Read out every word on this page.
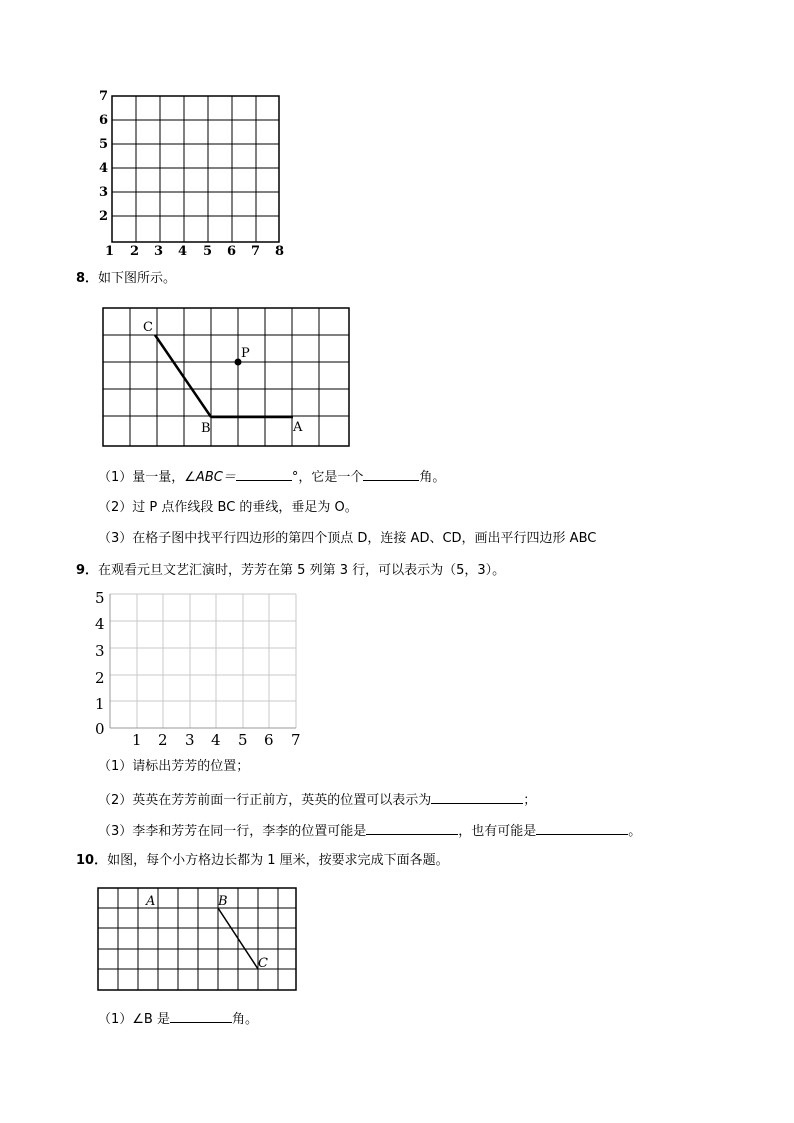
7
6
5
4
3
2
1 2 3 4 5 6 7 8
8．如下图所示。
C
P
B	A
（1）量一量，∠ABC＝	°，它是一个	角。
（2）过 P 点作线段 BC 的垂线，垂足为 O。
（3）在格子图中找平行四边形的第四个顶点 D，连接 AD、CD，画出平行四边形 ABC
9．在观看元旦文艺汇演时，芳芳在第 5 列第 3 行，可以表示为（5，3）。
5
4
3
2
1
0
1 2 3 4 5 6 7
（1）请标出芳芳的位置；
（2）英英在芳芳前面一行正前方，英英的位置可以表示为	；
（3）李李和芳芳在同一行，李李的位置可能是	，也有可能是	。
10．如图，每个小方格边长都为 1 厘米，按要求完成下面各题。
A	B
C
（1）∠B 是	角。
